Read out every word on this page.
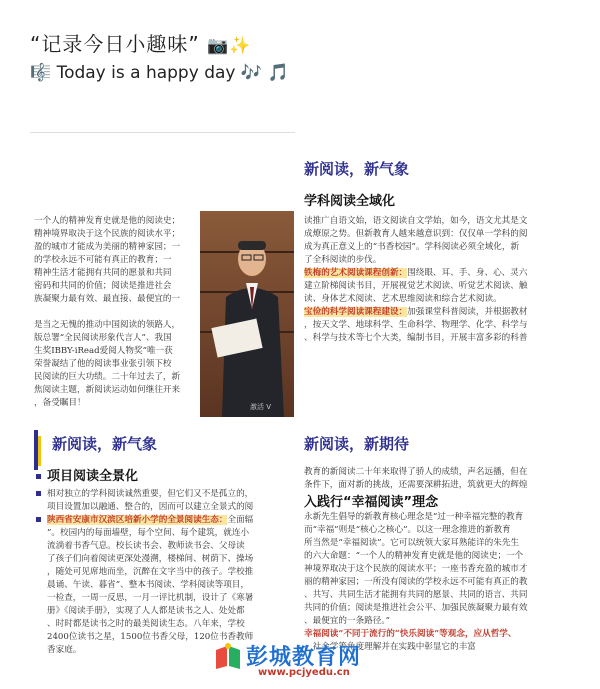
“记录今日小趣味” 📷✨
🎼 Today is a happy day 🎶 🎵
一个人的精神发育史就是他的阅读史；
精神境界取决于这个民族的阅读水平；
盈的城市才能成为美丽的精神家园；一
的学校永远不可能有真正的教育；一
精神生活才能拥有共同的愿景和共同
密码和共同的价值；阅读是推进社会
族凝聚力最有效、最直接、最便宜的一
是当之无愧的推动中国阅读的领路人，
版总署“全民阅读形象代言人”、我国
生奖IBBY-iRead爱阅人物奖”唯一获
荣誉凝结了他的阅读事业张引领下校
民阅读的巨大功绩。二十年过去了，新
焦阅读主题，新阅读运动如何继往开来
，备受瞩目！	激活 V
新阅读，新气象
学科阅读全域化
读推广自语文始，语文阅读自文学始，如今，语文尤其是文
成燎原之势。但新教育人越来越意识到：仅仅单一学科的阅
成为真正意义上的“书香校园”。学科阅读必须全域化，新
了全科阅读的步伐。
铁梅的艺术阅读课程创新：围绕眼、耳、手、身、心、灵六
建立阶梯阅读书目，开展视觉艺术阅读、听觉艺术阅读、触
读、身体艺术阅读、艺术思维阅读和综合艺术阅读。
宝俭的科学阅读课程建设：加强课堂科普阅读，并根据教材
，按天文学、地球科学、生命科学、物理学、化学、科学与
、科学与技术等七个大类，编制书目，开展丰富多彩的科普
新阅读，新气象
项目阅读全景化
相对独立的学科阅读诚然重要，但它们又不是孤立的，
项目设置加以融通、整合的，因而可以建立全景式的阅
陕西省安康市汉滨区培新小学的全景阅读生态：全面辐
”。校园内的每面墙壁，每个空间、每个建筑，就连小
流淌着书香气息。校长读书会、教师读书会、父母读
了孩子们向着阅读更深处漫溯，楼梯间、树荫下、操场
，随处可见席地而坐，沉醉在文字当中的孩子。学校推
晨诵、午读、暮省”、整本书阅读、学科阅读等项目，
一检查，一周一反思，一月一评比机制，设计了《寒暑
册》《阅读手册》，实现了人人都是读书之人、处处都
、时时都是读书之时的最美阅读生态。八年来，学校
2400位读书之星，1500位书香父母，120位书香教师
香家庭。
新阅读，新期待
教育的新阅读二十年来取得了骄人的成绩，声名远播，但在
条件下，面对新的挑战，还需要深耕拓进，筑就更大的辉煌
入践行“幸福阅读”理念
永新先生倡导的新教育核心理念是“过一种幸福完整的教育
而“幸福”则是“核心之核心”。以这一理念推进的新教育
所当然是“幸福阅读”。它可以统领大家耳熟能详的朱先生
的六大命题：“一个人的精神发育史就是他的阅读史；一个
神境界取决于这个民族的阅读水平；一座书香充盈的城市才
丽的精神家园；一所没有阅读的学校永远不可能有真正的教
、共写、共同生活才能拥有共同的愿景、共同的语言、共同
共同的价值；阅读是推进社会公平、加强民族凝聚力最有效
、最便宜的一条路径。”
幸福阅读”不同于流行的“快乐阅读”等观念，应从哲学、
、社会学等角度理解并在实践中彰显它的丰富
彭城教育网
www.pcjyedu.cn
